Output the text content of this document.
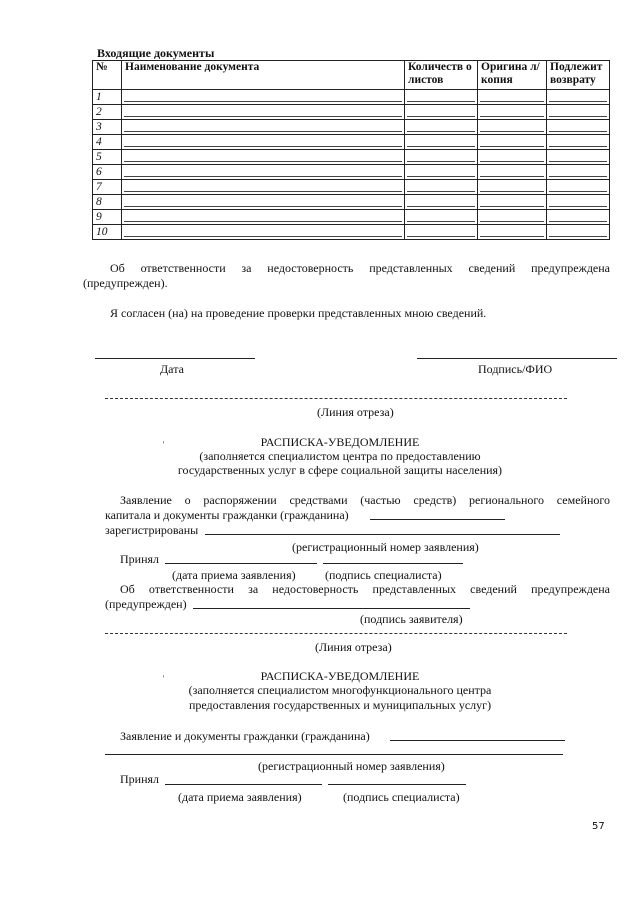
Входящие документы
№	Наименование документа	Количеств о листов	Оригина л/копия	Подлежит возврату
1				
2				
3				
4				
5				
6				
7				
8				
9				
10				
Об ответственности за недостоверность представленных сведений предупреждена
(предупрежден).
Я согласен (на) на проведение проверки представленных мною сведений.
Дата	Подпись/ФИО
(Линия отреза)
'	РАСПИСКА-УВЕДОМЛЕНИЕ
(заполняется специалистом центра по предоставлению
государственных услуг в сфере социальной защиты населения)
Заявление о распоряжении средствами (частью средств) регионального семейного
капитала и документы гражданки (гражданина)
зарегистрированы
(регистрационный номер заявления)
Принял
(дата приема заявления) (подпись специалиста)
Об ответственности за недостоверность представленных сведений предупреждена
(предупрежден)
(подпись заявителя)
(Линия отреза)
'	РАСПИСКА-УВЕДОМЛЕНИЕ
(заполняется специалистом многофункционального центра
предоставления государственных и муниципальных услуг)
Заявление и документы гражданки (гражданина)
(регистрационный номер заявления)
Принял
(дата приема заявления)	(подпись специалиста)
57
